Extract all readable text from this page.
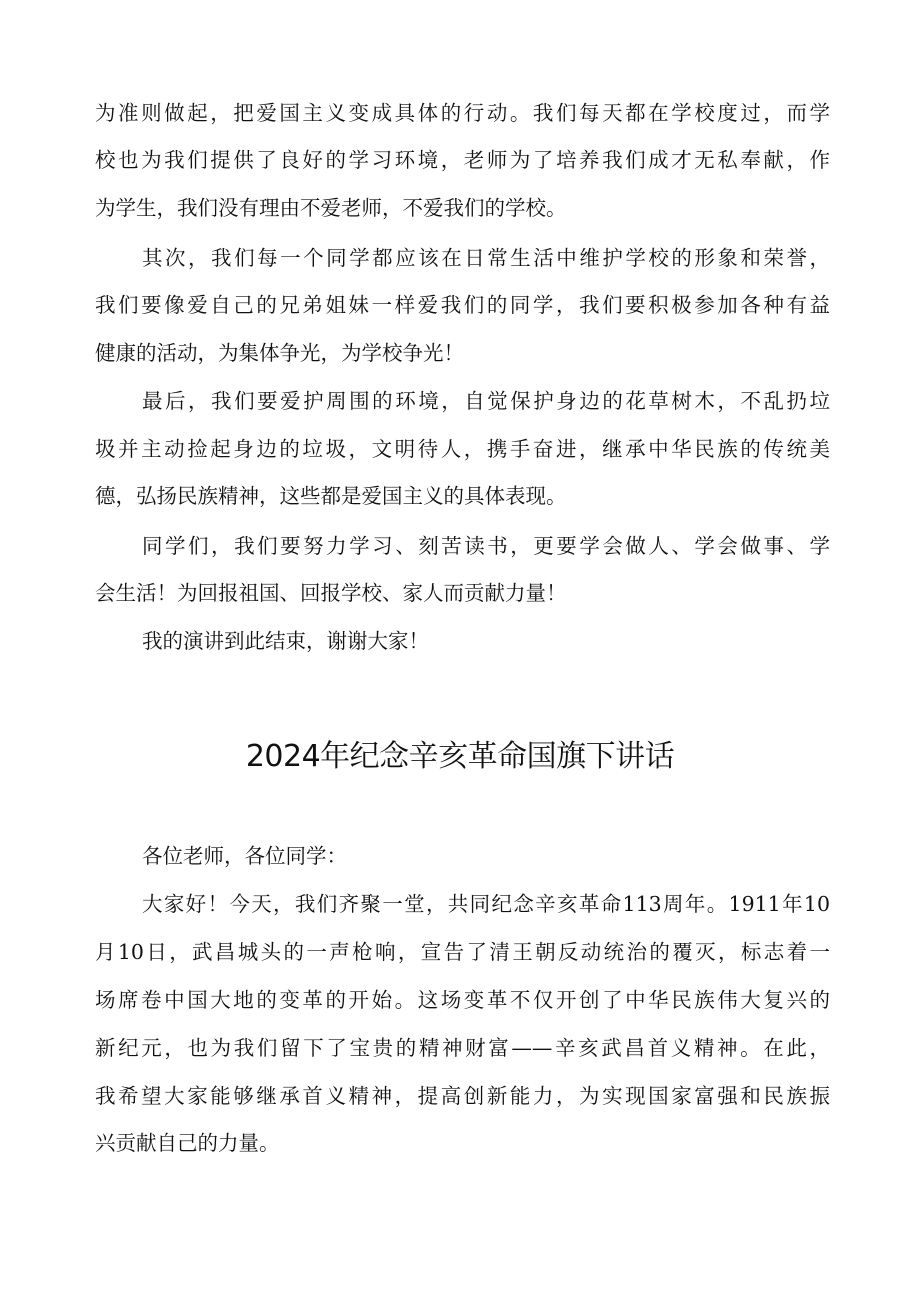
为准则做起，把爱国主义变成具体的行动。我们每天都在学校度过，而学
校也为我们提供了良好的学习环境，老师为了培养我们成才无私奉献，作
为学生，我们没有理由不爱老师，不爱我们的学校。
其次，我们每一个同学都应该在日常生活中维护学校的形象和荣誉，
我们要像爱自己的兄弟姐妹一样爱我们的同学，我们要积极参加各种有益
健康的活动，为集体争光，为学校争光！
最后，我们要爱护周围的环境，自觉保护身边的花草树木，不乱扔垃
圾并主动捡起身边的垃圾，文明待人，携手奋进，继承中华民族的传统美
德，弘扬民族精神，这些都是爱国主义的具体表现。
同学们，我们要努力学习、刻苦读书，更要学会做人、学会做事、学
会生活！为回报祖国、回报学校、家人而贡献力量！
我的演讲到此结束，谢谢大家！
2024年纪念辛亥革命国旗下讲话
各位老师，各位同学：
大家好！今天，我们齐聚一堂，共同纪念辛亥革命113周年。1911年10
月10日，武昌城头的一声枪响，宣告了清王朝反动统治的覆灭，标志着一
场席卷中国大地的变革的开始。这场变革不仅开创了中华民族伟大复兴的
新纪元，也为我们留下了宝贵的精神财富——辛亥武昌首义精神。在此，
我希望大家能够继承首义精神，提高创新能力，为实现国家富强和民族振
兴贡献自己的力量。
